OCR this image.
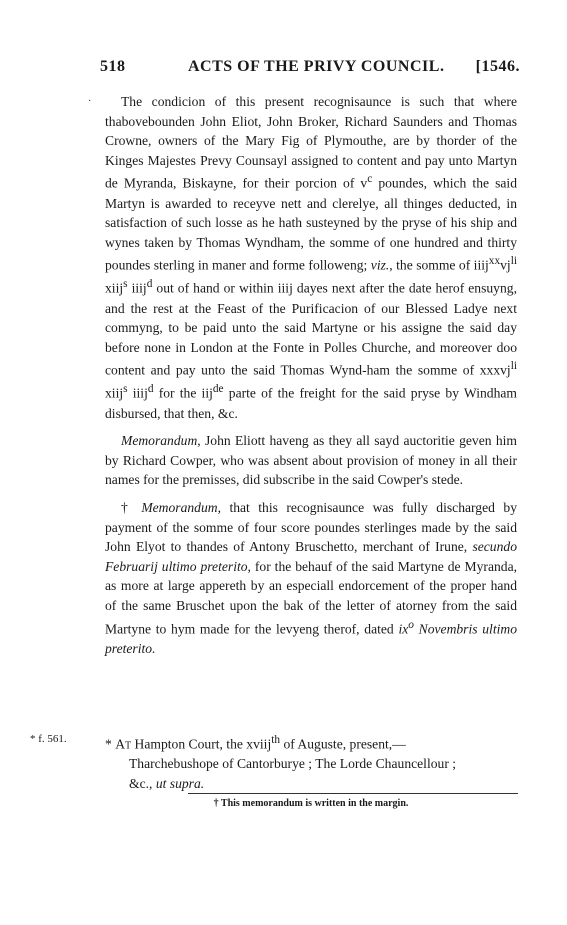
518	ACTS OF THE PRIVY COUNCIL. [1546.
·	The condicion of this present recognisaunce is such that where thabovebounden John Eliot, John Broker, Richard Saunders and Thomas Crowne, owners of the Mary Fig of Plymouthe, are by thorder of the Kinges Majestes Prevy Counsayl assigned to content and pay unto Martyn de Myranda, Biskayne, for their porcion of $v^c$ poundes, which the said Martyn is awarded to receyve nett and clerelye, all thinges deducted, in satisfaction of such losse as he hath susteyned by the pryse of his ship and wynes taken by Thomas Wyndham, the somme of one hundred and thirty poundes sterling in maner and forme followeng; viz., the somme of $iiij^{xx}vj^{li}$ xiij$^s$ iiij$^d$ out of hand or within iiij dayes next after the date herof ensuyng, and the rest at the Feast of the Purificacion of our Blessed Ladye next commyng, to be paid unto the said Martyne or his assigne the said day before none in London at the Fonte in Polles Churche, and moreover doo content and pay unto the said Thomas Wynd-ham the somme of xxxvj$^{li}$ xiij$^s$ iiij$^d$ for the iij$^{de}$ parte of the freight for the said pryse by Windham disbursed, that then, &c.

Memorandum, John Eliott haveng as they all sayd auctoritie geven him by Richard Cowper, who was absent about provision of money in all their names for the premisses, did subscribe in the said Cowper's stede.

† Memorandum, that this recognisaunce was fully discharged by payment of the somme of four score poundes sterlinges made by the said John Elyot to thandes of Antony Bruschetto, merchant of Irune, secundo Februarij ultimo preterito, for the behauf of the said Martyne de Myranda, as more at large appereth by an especiall endorcement of the proper hand of the same Bruschet upon the bak of the letter of atorney from the said Martyne to hym made for the levyeng therof, dated $ix^o$ Novembris ultimo preterito.

* f. 561.	* At Hampton Court, the xviij$^{th}$ of Auguste, present,—
Tharchebushope of Cantorburye ; The Lorde Chauncellour ;
&c., ut supra.
† This memorandum is written in the margin.
